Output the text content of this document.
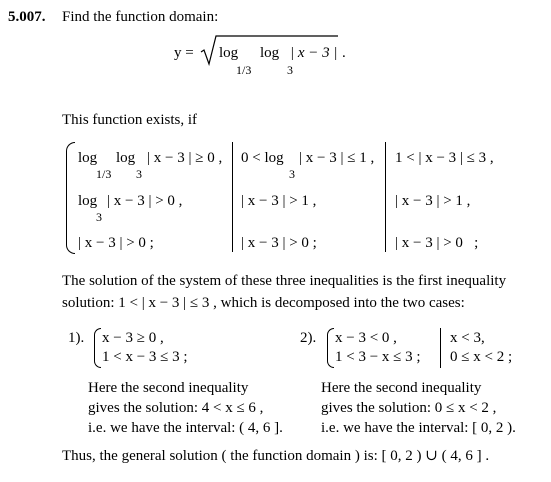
5.007. Find the function domain:
y = log
1/3
log
3
| x − 3 | .
This function exists, if
log
1/3
log
3
| x − 3 | ≥ 0 ,
log
3
| x − 3 | > 0 ,
| x − 3 | > 0 ;
0 < log
3
| x − 3 | ≤ 1 ,
| x − 3 | > 1 ,
| x − 3 | > 0 ;
1 < | x − 3 | ≤ 3 ,
| x − 3 | > 1 ,
| x − 3 | > 0   ;
The solution of the system of these three inequalities is the first inequality
solution: 1 < | x − 3 | ≤ 3 , which is decomposed into the two cases:
1). x − 3 ≥ 0 ,
1 < x − 3 ≤ 3 ;
Here the second inequality
gives the solution: 4 < x ≤ 6 ,
i.e. we have the interval: ( 4, 6 ].
2). x − 3 < 0 ,
1 < 3 − x ≤ 3 ;
x < 3,
0 ≤ x < 2 ;
Here the second inequality
gives the solution: 0 ≤ x < 2 ,
i.e. we have the interval: [ 0, 2 ).
Thus, the general solution ( the function domain ) is: [ 0, 2 ) ∪ ( 4, 6 ] .
